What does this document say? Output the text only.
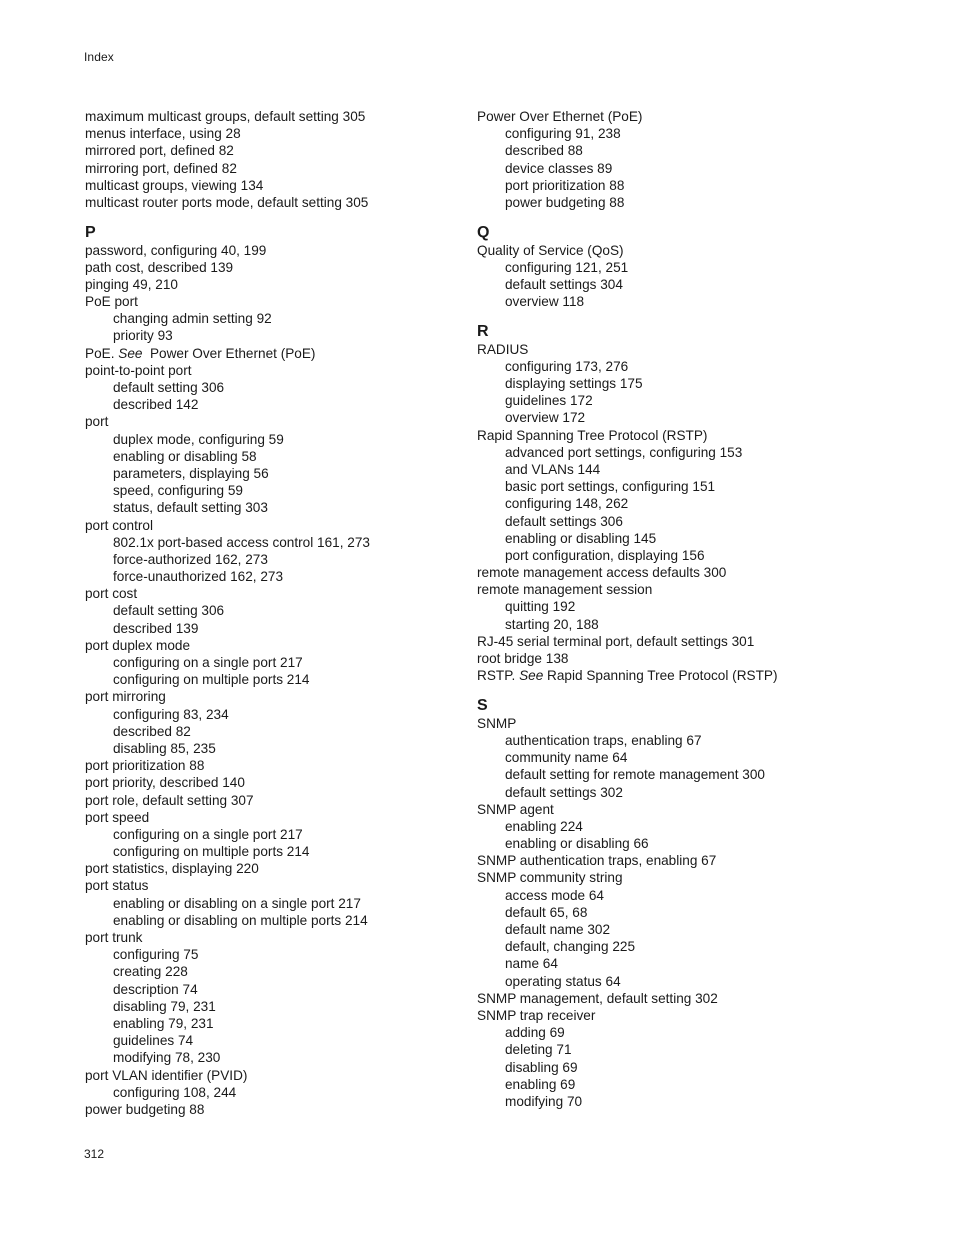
Index
maximum multicast groups, default setting 305
menus interface, using 28
mirrored port, defined 82
mirroring port, defined 82
multicast groups, viewing 134
multicast router ports mode, default setting 305
P
password, configuring 40, 199
path cost, described 139
pinging 49, 210
PoE port
changing admin setting 92
priority 93
PoE. See  Power Over Ethernet (PoE)
point-to-point port
default setting 306
described 142
port
duplex mode, configuring 59
enabling or disabling 58
parameters, displaying 56
speed, configuring 59
status, default setting 303
port control
802.1x port-based access control 161, 273
force-authorized 162, 273
force-unauthorized 162, 273
port cost
default setting 306
described 139
port duplex mode
configuring on a single port 217
configuring on multiple ports 214
port mirroring
configuring 83, 234
described 82
disabling 85, 235
port prioritization 88
port priority, described 140
port role, default setting 307
port speed
configuring on a single port 217
configuring on multiple ports 214
port statistics, displaying 220
port status
enabling or disabling on a single port 217
enabling or disabling on multiple ports 214
port trunk
configuring 75
creating 228
description 74
disabling 79, 231
enabling 79, 231
guidelines 74
modifying 78, 230
port VLAN identifier (PVID)
configuring 108, 244
power budgeting 88
Power Over Ethernet (PoE)
configuring 91, 238
described 88
device classes 89
port prioritization 88
power budgeting 88
Q
Quality of Service (QoS)
configuring 121, 251
default settings 304
overview 118
R
RADIUS
configuring 173, 276
displaying settings 175
guidelines 172
overview 172
Rapid Spanning Tree Protocol (RSTP)
advanced port settings, configuring 153
and VLANs 144
basic port settings, configuring 151
configuring 148, 262
default settings 306
enabling or disabling 145
port configuration, displaying 156
remote management access defaults 300
remote management session
quitting 192
starting 20, 188
RJ-45 serial terminal port, default settings 301
root bridge 138
RSTP. See Rapid Spanning Tree Protocol (RSTP)
S
SNMP
authentication traps, enabling 67
community name 64
default setting for remote management 300
default settings 302
SNMP agent
enabling 224
enabling or disabling 66
SNMP authentication traps, enabling 67
SNMP community string
access mode 64
default 65, 68
default name 302
default, changing 225
name 64
operating status 64
SNMP management, default setting 302
SNMP trap receiver
adding 69
deleting 71
disabling 69
enabling 69
modifying 70
312
